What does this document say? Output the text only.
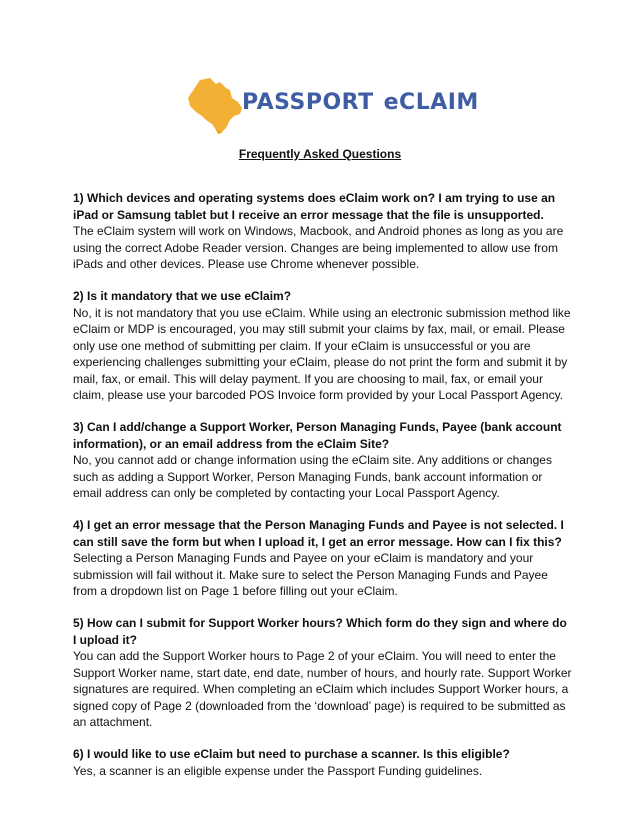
PASSPORT eCLAIM
Frequently Asked Questions

1) Which devices and operating systems does eClaim work on? I am trying to use an iPad or Samsung tablet but I receive an error message that the file is unsupported.

The eClaim system will work on Windows, Macbook, and Android phones as long as you are using the correct Adobe Reader version. Changes are being implemented to allow use from iPads and other devices. Please use Chrome whenever possible.

2) Is it mandatory that we use eClaim?

No, it is not mandatory that you use eClaim. While using an electronic submission method like eClaim or MDP is encouraged, you may still submit your claims by fax, mail, or email. Please only use one method of submitting per claim. If your eClaim is unsuccessful or you are experiencing challenges submitting your eClaim, please do not print the form and submit it by mail, fax, or email. This will delay payment. If you are choosing to mail, fax, or email your claim, please use your barcoded POS Invoice form provided by your Local Passport Agency.

3) Can I add/change a Support Worker, Person Managing Funds, Payee (bank account information), or an email address from the eClaim Site?

No, you cannot add or change information using the eClaim site. Any additions or changes such as adding a Support Worker, Person Managing Funds, bank account information or email address can only be completed by contacting your Local Passport Agency.

4) I get an error message that the Person Managing Funds and Payee is not selected. I can still save the form but when I upload it, I get an error message. How can I fix this?

Selecting a Person Managing Funds and Payee on your eClaim is mandatory and your submission will fail without it. Make sure to select the Person Managing Funds and Payee from a dropdown list on Page 1 before filling out your eClaim.

5) How can I submit for Support Worker hours? Which form do they sign and where do I upload it?

You can add the Support Worker hours to Page 2 of your eClaim. You will need to enter the Support Worker name, start date, end date, number of hours, and hourly rate. Support Worker signatures are required. When completing an eClaim which includes Support Worker hours, a signed copy of Page 2 (downloaded from the ‘download’ page) is required to be submitted as an attachment.

6) I would like to use eClaim but need to purchase a scanner. Is this eligible?

Yes, a scanner is an eligible expense under the Passport Funding guidelines.
